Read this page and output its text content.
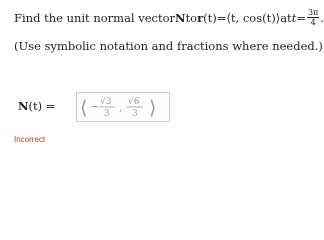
Find the unit normal vector N to r (t) = ⟨t, cos(t)⟩ at $t = \frac{3\pi}{4}$ .
(Use symbolic notation and fractions where needed.)
N(t) = ⟨ − √3
3 , √6
3 ⟩
Incorrect
